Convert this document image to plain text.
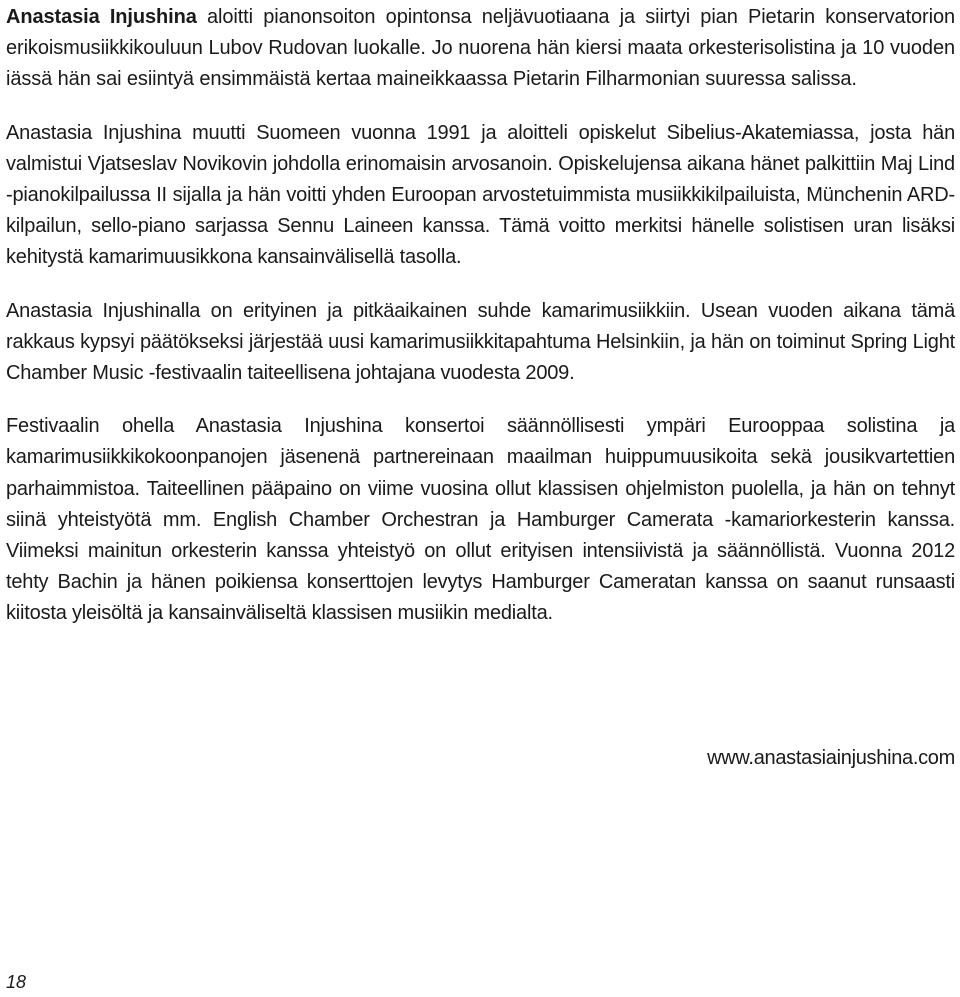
Anastasia Injushina aloitti pianonsoiton opintonsa neljävuotiaana ja siirtyi pian Pietarin konservatorion erikoismusiikkikouluun Lubov Rudovan luokalle. Jo nuorena hän kiersi maata orkesterisolistina ja 10 vuoden iässä hän sai esiintyä ensimmäistä kertaa maineikkaassa Pietarin Filharmonian suuressa salissa.

Anastasia Injushina muutti Suomeen vuonna 1991 ja aloitteli opiskelut Sibelius-Akatemiassa, josta hän valmistui Vjatseslav Novikovin johdolla erinomaisin arvosanoin. Opiskelujensa aikana hänet palkittiin Maj Lind -pianokilpailussa II sijalla ja hän voitti yhden Euroopan arvostetuimmista musiikkikilpailuista, Münchenin ARD-kilpailun, sello-piano sarjassa Sennu Laineen kanssa. Tämä voitto merkitsi hänelle solistisen uran lisäksi kehitystä kamarimuusikkona kansainvälisellä tasolla.

Anastasia Injushinalla on erityinen ja pitkäaikainen suhde kamarimusiikkiin. Usean vuoden aikana tämä rakkaus kypsyi päätökseksi järjestää uusi kamarimusiikkitapahtuma Helsinkiin, ja hän on toiminut Spring Light Chamber Music -festivaalin taiteellisena johtajana vuodesta 2009.

Festivaalin ohella Anastasia Injushina konsertoi säännöllisesti ympäri Eurooppaa solistina ja kamarimusiikkikokoonpanojen jäsenenä partnereinaan maailman huippumuusikoita sekä jousikvartettien parhaimmistoa. Taiteellinen pääpaino on viime vuosina ollut klassisen ohjelmiston puolella, ja hän on tehnyt siinä yhteistyötä mm. English Chamber Orchestran ja Hamburger Camerata -kamariorkesterin kanssa. Viimeksi mainitun orkesterin kanssa yhteistyö on ollut erityisen intensiivistä ja säännöllistä. Vuonna 2012 tehty Bachin ja hänen poikiensa konserttojen levytys Hamburger Cameratan kanssa on saanut runsaasti kiitosta yleisöltä ja kansainväliseltä klassisen musiikin medialta.

www.anastasiainjushina.com

18
